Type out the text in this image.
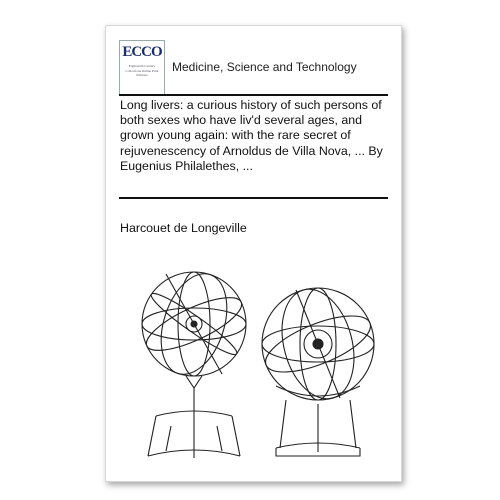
ECCO
Eighteenth Century Collections Online Print Editions
Medicine, Science and Technology
Long livers: a curious history of such persons of both sexes who have liv'd several ages, and grown young again: with the rare secret of rejuvenescency of Arnoldus de Villa Nova, ... By Eugenius Philalethes, ...
Harcouet de Longeville
